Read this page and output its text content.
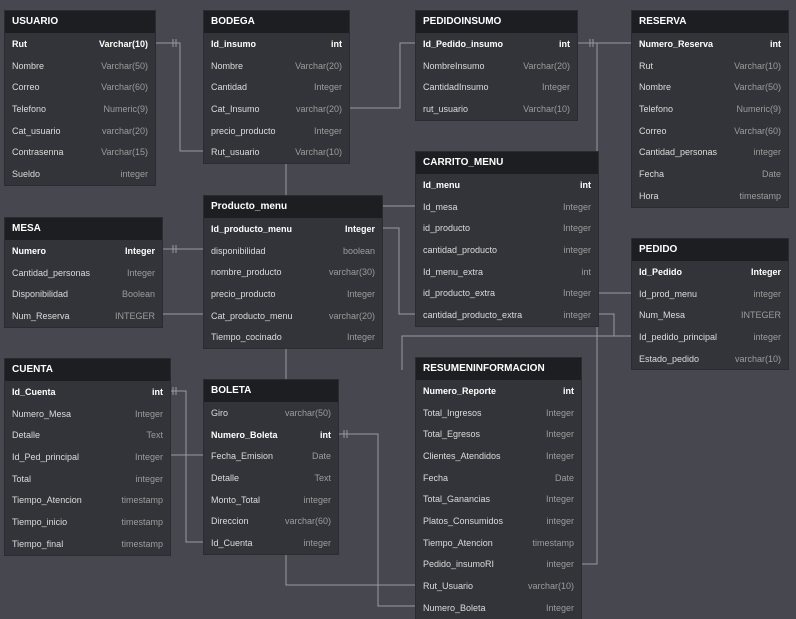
USUARIO
Rut	Varchar(10)
Nombre	Varchar(50)
Correo	Varchar(60)
Telefono	Numeric(9)
Cat_usuario	varchar(20)
Contrasenna	Varchar(15)
Sueldo	integer
BODEGA
Id_insumo	int
Nombre	Varchar(20)
Cantidad	Integer
Cat_Insumo	varchar(20)
precio_producto	Integer
Rut_usuario	Varchar(10)
PEDIDOINSUMO
Id_Pedido_insumo	int
NombreInsumo	Varchar(20)
CantidadInsumo	Integer
rut_usuario	Varchar(10)
RESERVA
Numero_Reserva	int
Rut	Varchar(10)
Nombre	Varchar(50)
Telefono	Numeric(9)
Correo	Varchar(60)
Cantidad_personas	integer
Fecha	Date
Hora	timestamp
CARRITO_MENU
Id_menu	int
Id_mesa	Integer
id_producto	Integer
cantidad_producto	integer
Id_menu_extra	int
id_producto_extra	Integer
cantidad_producto_extra	integer
Producto_menu
Id_producto_menu	Integer
disponibilidad	boolean
nombre_producto	varchar(30)
precio_producto	Integer
Cat_producto_menu	varchar(20)
Tiempo_cocinado	Integer
MESA
Numero	Integer
Cantidad_personas	Integer
Disponibilidad	Boolean
Num_Reserva	INTEGER
PEDIDO
Id_Pedido	Integer
Id_prod_menu	integer
Num_Mesa	INTEGER
Id_pedido_principal	integer
Estado_pedido	varchar(10)
CUENTA
Id_Cuenta	int
Numero_Mesa	Integer
Detalle	Text
Id_Ped_principal	Integer
Total	integer
Tiempo_Atencion	timestamp
Tiempo_inicio	timestamp
Tiempo_final	timestamp
BOLETA
Giro	varchar(50)
Numero_Boleta	int
Fecha_Emision	Date
Detalle	Text
Monto_Total	integer
Direccion	varchar(60)
Id_Cuenta	integer
RESUMENINFORMACION
Numero_Reporte	int
Total_Ingresos	Integer
Total_Egresos	Integer
Clientes_Atendidos	Integer
Fecha	Date
Total_Ganancias	Integer
Platos_Consumidos	integer
Tiempo_Atencion	timestamp
Pedido_insumoRI	integer
Rut_Usuario	varchar(10)
Numero_Boleta	Integer
